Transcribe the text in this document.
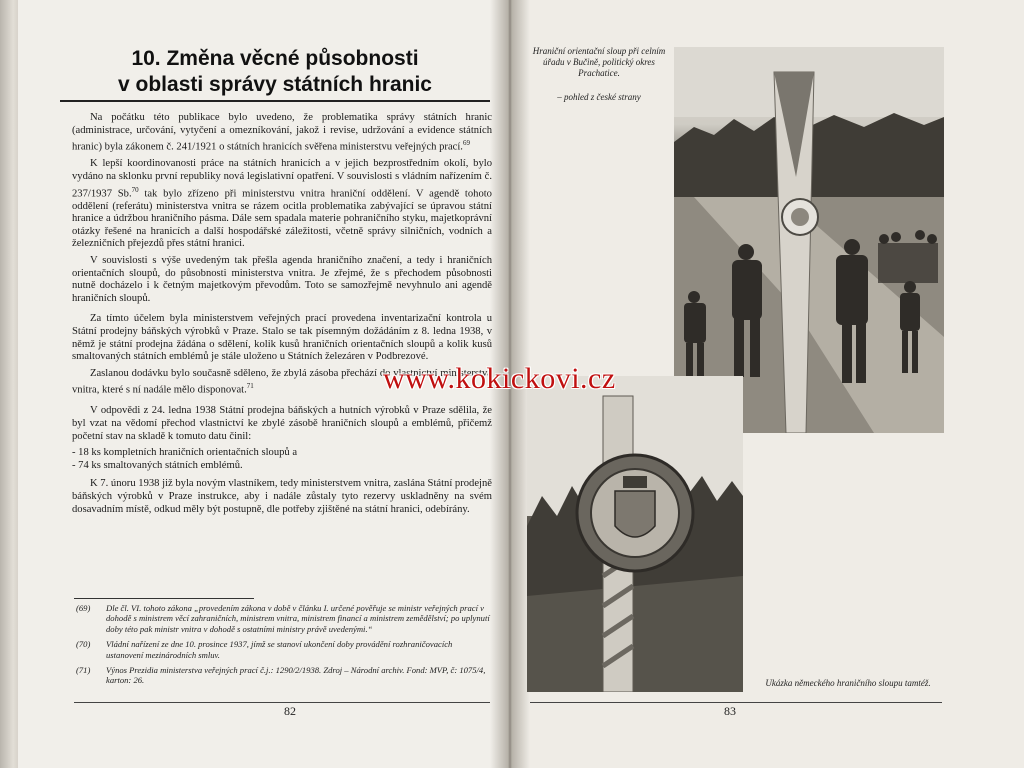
10. Změna věcné působnosti
v oblasti správy státních hranic

Na počátku této publikace bylo uvedeno, že problematika správy státních hranic (administrace, určování, vytyčení a omezníkování, jakož i revise, udržování a evidence státních hranic) byla zákonem č. 241/1921 o státních hranicích svěřena ministerstvu veřejných prací.$^{69}$

K lepší koordinovanosti práce na státních hranicích a v jejich bezprostředním okolí, bylo vydáno na sklonku první republiky nová legislativní opatření. V souvislosti s vládním nařízením č. 237/1937 Sb.$^{70}$ tak bylo zřízeno při ministerstvu vnitra hraniční oddělení. V agendě tohoto oddělení (referátu) ministerstva vnitra se rázem ocitla problematika zabývající se úpravou státní hranice a údržbou hraničního pásma. Dále sem spadala materie pohraničního styku, majetkoprávní otázky řešené na hranicích a další hospodářské záležitosti, včetně správy silničních, vodních a železničních přejezdů přes státní hranici.

V souvislosti s výše uvedeným tak přešla agenda hraničního značení, a tedy i hraničních orientačních sloupů, do působnosti ministerstva vnitra. Je zřejmé, že s přechodem působnosti nutně docházelo i k četným majetkovým převodům. Toto se samozřejmě nevyhnulo ani agendě hraničních sloupů.

Za tímto účelem byla ministerstvem veřejných prací provedena inventarizační kontrola u Státní prodejny báňských výrobků v Praze. Stalo se tak písemným dožádáním z 8. ledna 1938, v němž je státní prodejna žádána o sdělení, kolik kusů hraničních orientačních sloupů a kolik kusů smaltovaných státních emblémů je stále uloženo u Státních železáren v Podbrezové.

Zaslanou dodávku bylo současně sděleno, že zbylá zásoba přechází do vlastnictví ministerstva vnitra, které s ní nadále mělo disponovat.$^{71}$

V odpovědi z 24. ledna 1938 Státní prodejna báňských a hutních výrobků v Praze sdělila, že byl vzat na vědomí přechod vlastnictví ke zbylé zásobě hraničních sloupů a emblémů, přičemž početní stav na skladě k tomuto datu činil:

- 18 ks kompletních hraničních orientačních sloupů a
- 74 ks smaltovaných státních emblémů.

K 7. únoru 1938 již byla novým vlastníkem, tedy ministerstvem vnitra, zaslána Státní prodejně báňských výrobků v Praze instrukce, aby i nadále zůstaly tyto rezervy uskladněny na svém dosavadním místě, odkud měly být postupně, dle potřeby zjištěné na státní hranici, odebírány.

(69)	Dle čl. VI. tohoto zákona „provedením zákona v době v článku I. určené pověřuje se ministr veřejných prací v dohodě s ministrem věcí zahraničních, ministrem vnitra, ministrem financí a ministrem zemědělství; po uplynutí doby této pak ministr vnitra v dohodě s ostatními ministry právě uvedenými.“
(70)	Vládní nařízení ze dne 10. prosince 1937, jímž se stanoví ukončení doby provádění rozhraničovacích ustanovení mezinárodních smluv.
(71)	Výnos Prezidia ministerstva veřejných prací č.j.: 1290/2/1938. Zdroj – Národní archiv. Fond: MVP, č: 1075/4, karton: 26.
82
Hraniční orientační sloup při celním úřadu v Bučině, politický okres Prachatice.
– pohled z české strany
Ukázka německého hraničního sloupu tamtéž.
83
www.kokickovi.cz
